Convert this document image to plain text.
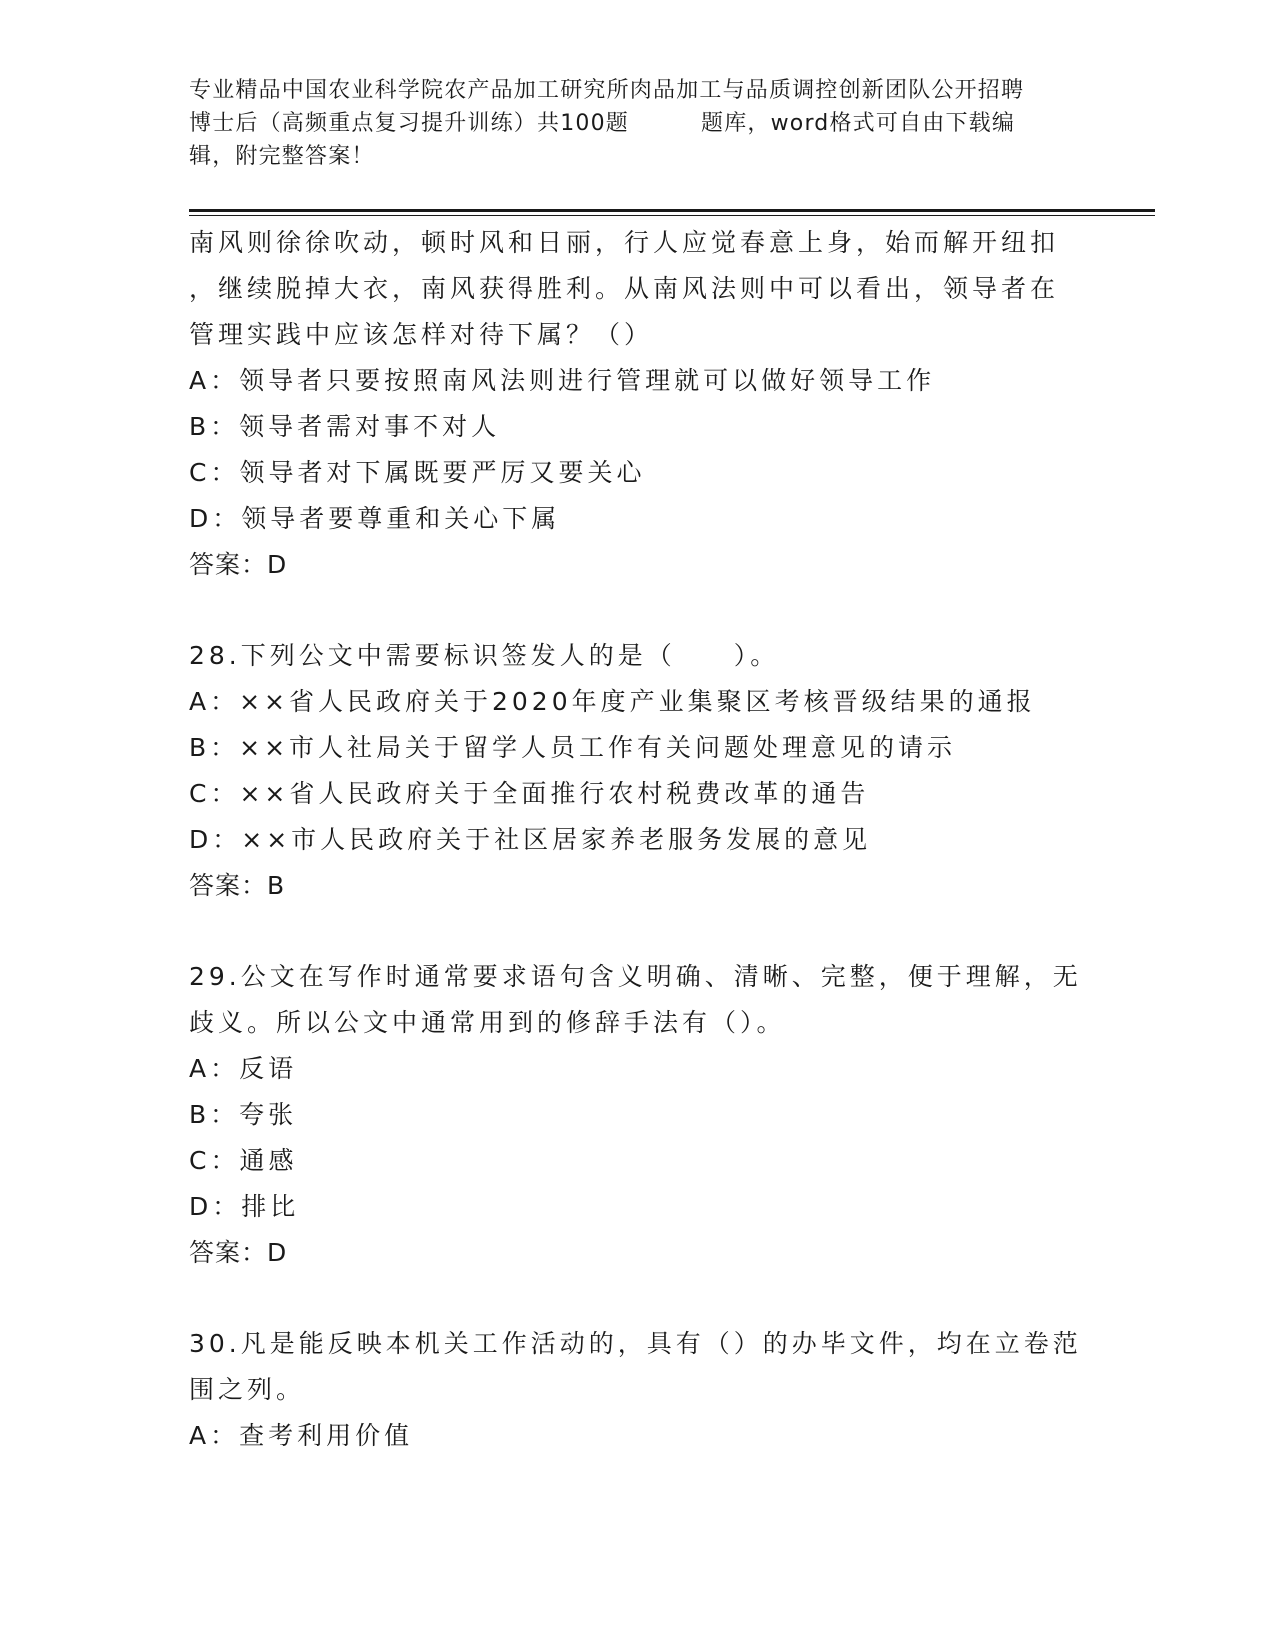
专业精品中国农业科学院农产品加工研究所肉品加工与品质调控创新团队公开招聘
博士后（高频重点复习提升训练）共100题	题库，word格式可自由下载编
辑，附完整答案！
南风则徐徐吹动，顿时风和日丽，行人应觉春意上身，始而解开纽扣
，继续脱掉大衣，南风获得胜利。从南风法则中可以看出，领导者在
管理实践中应该怎样对待下属？（）
A：领导者只要按照南风法则进行管理就可以做好领导工作
B：领导者需对事不对人
C：领导者对下属既要严厉又要关心
D：领导者要尊重和关心下属
答案：D
28.下列公文中需要标识签发人的是（　　）。
A：××省人民政府关于2020年度产业集聚区考核晋级结果的通报
B：××市人社局关于留学人员工作有关问题处理意见的请示
C：××省人民政府关于全面推行农村税费改革的通告
D：××市人民政府关于社区居家养老服务发展的意见
答案：B
29.公文在写作时通常要求语句含义明确、清晰、完整，便于理解，无
歧义。所以公文中通常用到的修辞手法有（）。
A：反语
B：夸张
C：通感
D：排比
答案：D
30.凡是能反映本机关工作活动的，具有（）的办毕文件，均在立卷范
围之列。
A：查考利用价值
